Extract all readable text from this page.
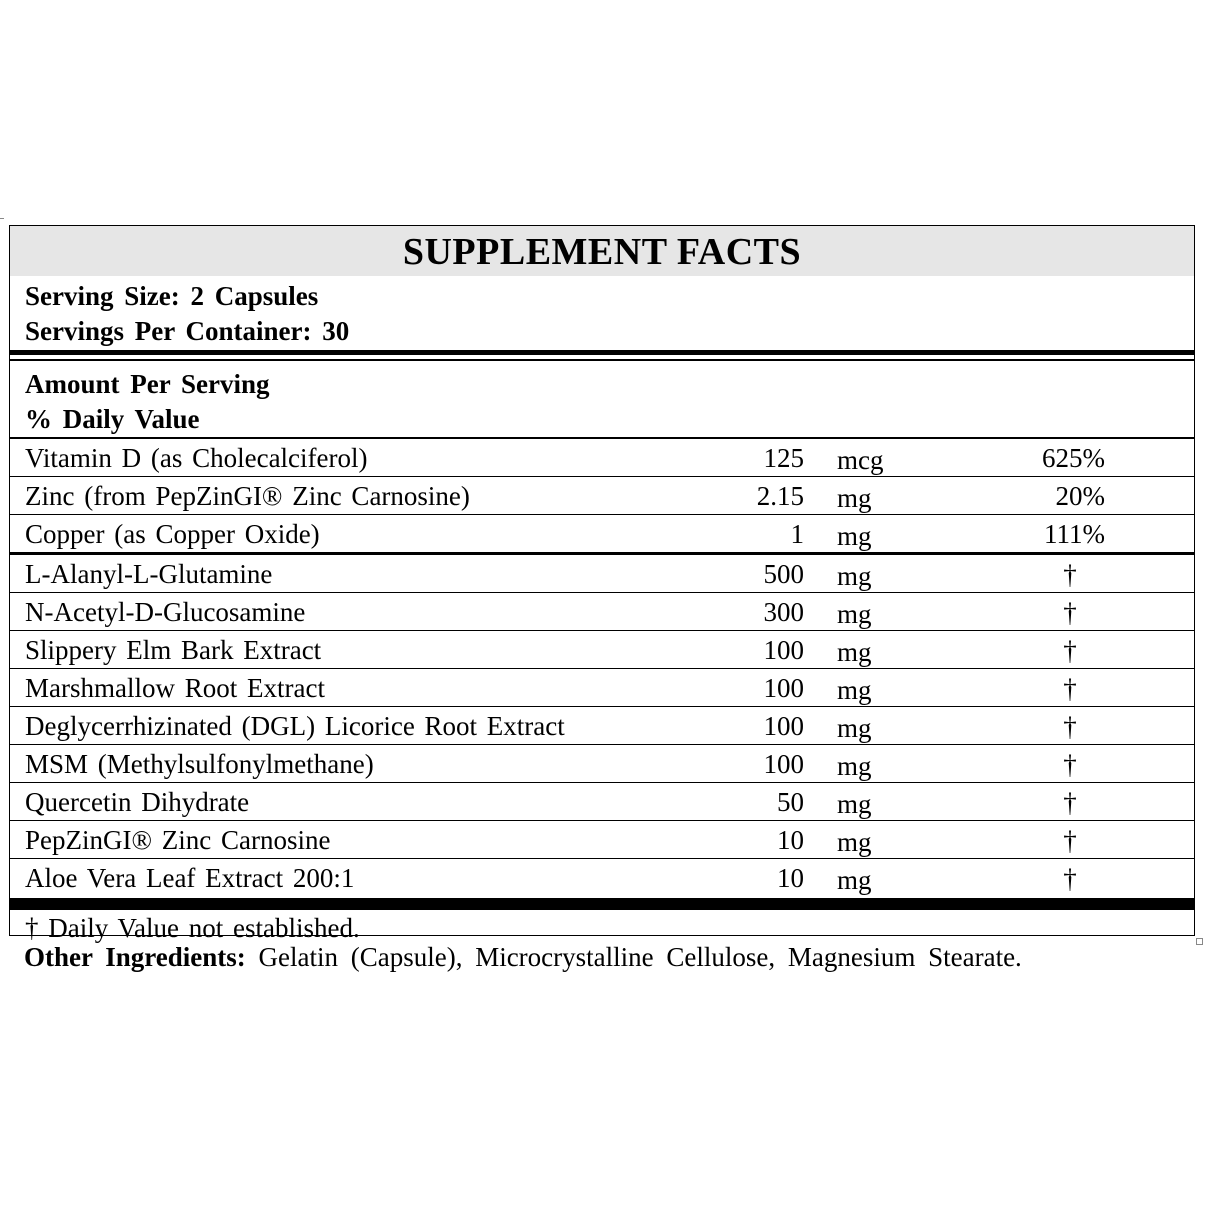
SUPPLEMENT FACTS
Serving Size: 2 Capsules
Servings Per Container: 30
Amount Per Serving
% Daily Value
Vitamin D (as Cholecalciferol)	125 mcg	625%
Zinc (from PepZinGI® Zinc Carnosine)	2.15 mg	20%
Copper (as Copper Oxide)	1 mg	111%
L-Alanyl-L-Glutamine	500 mg	†
N-Acetyl-D-Glucosamine	300 mg	†
Slippery Elm Bark Extract	100 mg	†
Marshmallow Root Extract	100 mg	†
Deglycerrhizinated (DGL) Licorice Root Extract	100 mg	†
MSM (Methylsulfonylmethane)	100 mg	†
Quercetin Dihydrate	50 mg	†
PepZinGI® Zinc Carnosine	10 mg	†
Aloe Vera Leaf Extract 200:1	10 mg	†
† Daily Value not established.
Other Ingredients: Gelatin (Capsule), Microcrystalline Cellulose, Magnesium Stearate.
